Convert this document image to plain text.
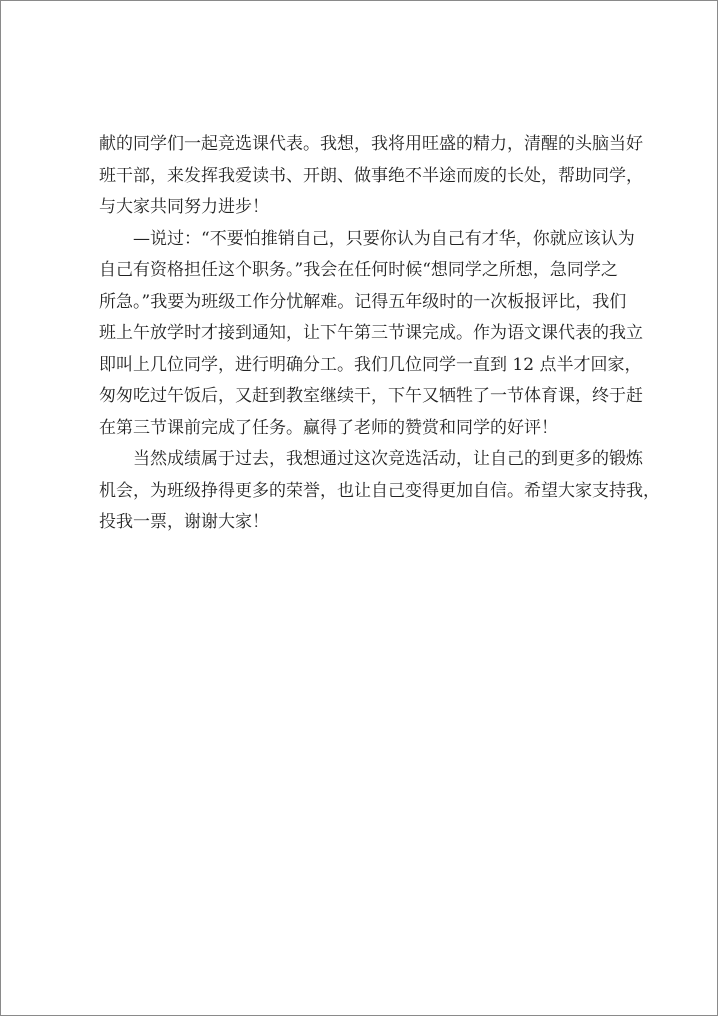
献的同学们一起竞选课代表。我想，我将用旺盛的精力，清醒的头脑当好
班干部，来发挥我爱读书、开朗、做事绝不半途而废的长处，帮助同学，
与大家共同努力进步！

—说过：“不要怕推销自己，只要你认为自己有才华，你就应该认为
自己有资格担任这个职务。”我会在任何时候“想同学之所想，急同学之
所急。”我要为班级工作分忧解难。记得五年级时的一次板报评比，我们
班上午放学时才接到通知，让下午第三节课完成。作为语文课代表的我立
即叫上几位同学，进行明确分工。我们几位同学一直到 12 点半才回家，
匆匆吃过午饭后，又赶到教室继续干，下午又牺牲了一节体育课，终于赶
在第三节课前完成了任务。赢得了老师的赞赏和同学的好评！

当然成绩属于过去，我想通过这次竞选活动，让自己的到更多的锻炼
机会，为班级挣得更多的荣誉，也让自己变得更加自信。希望大家支持我，
投我一票，谢谢大家！
